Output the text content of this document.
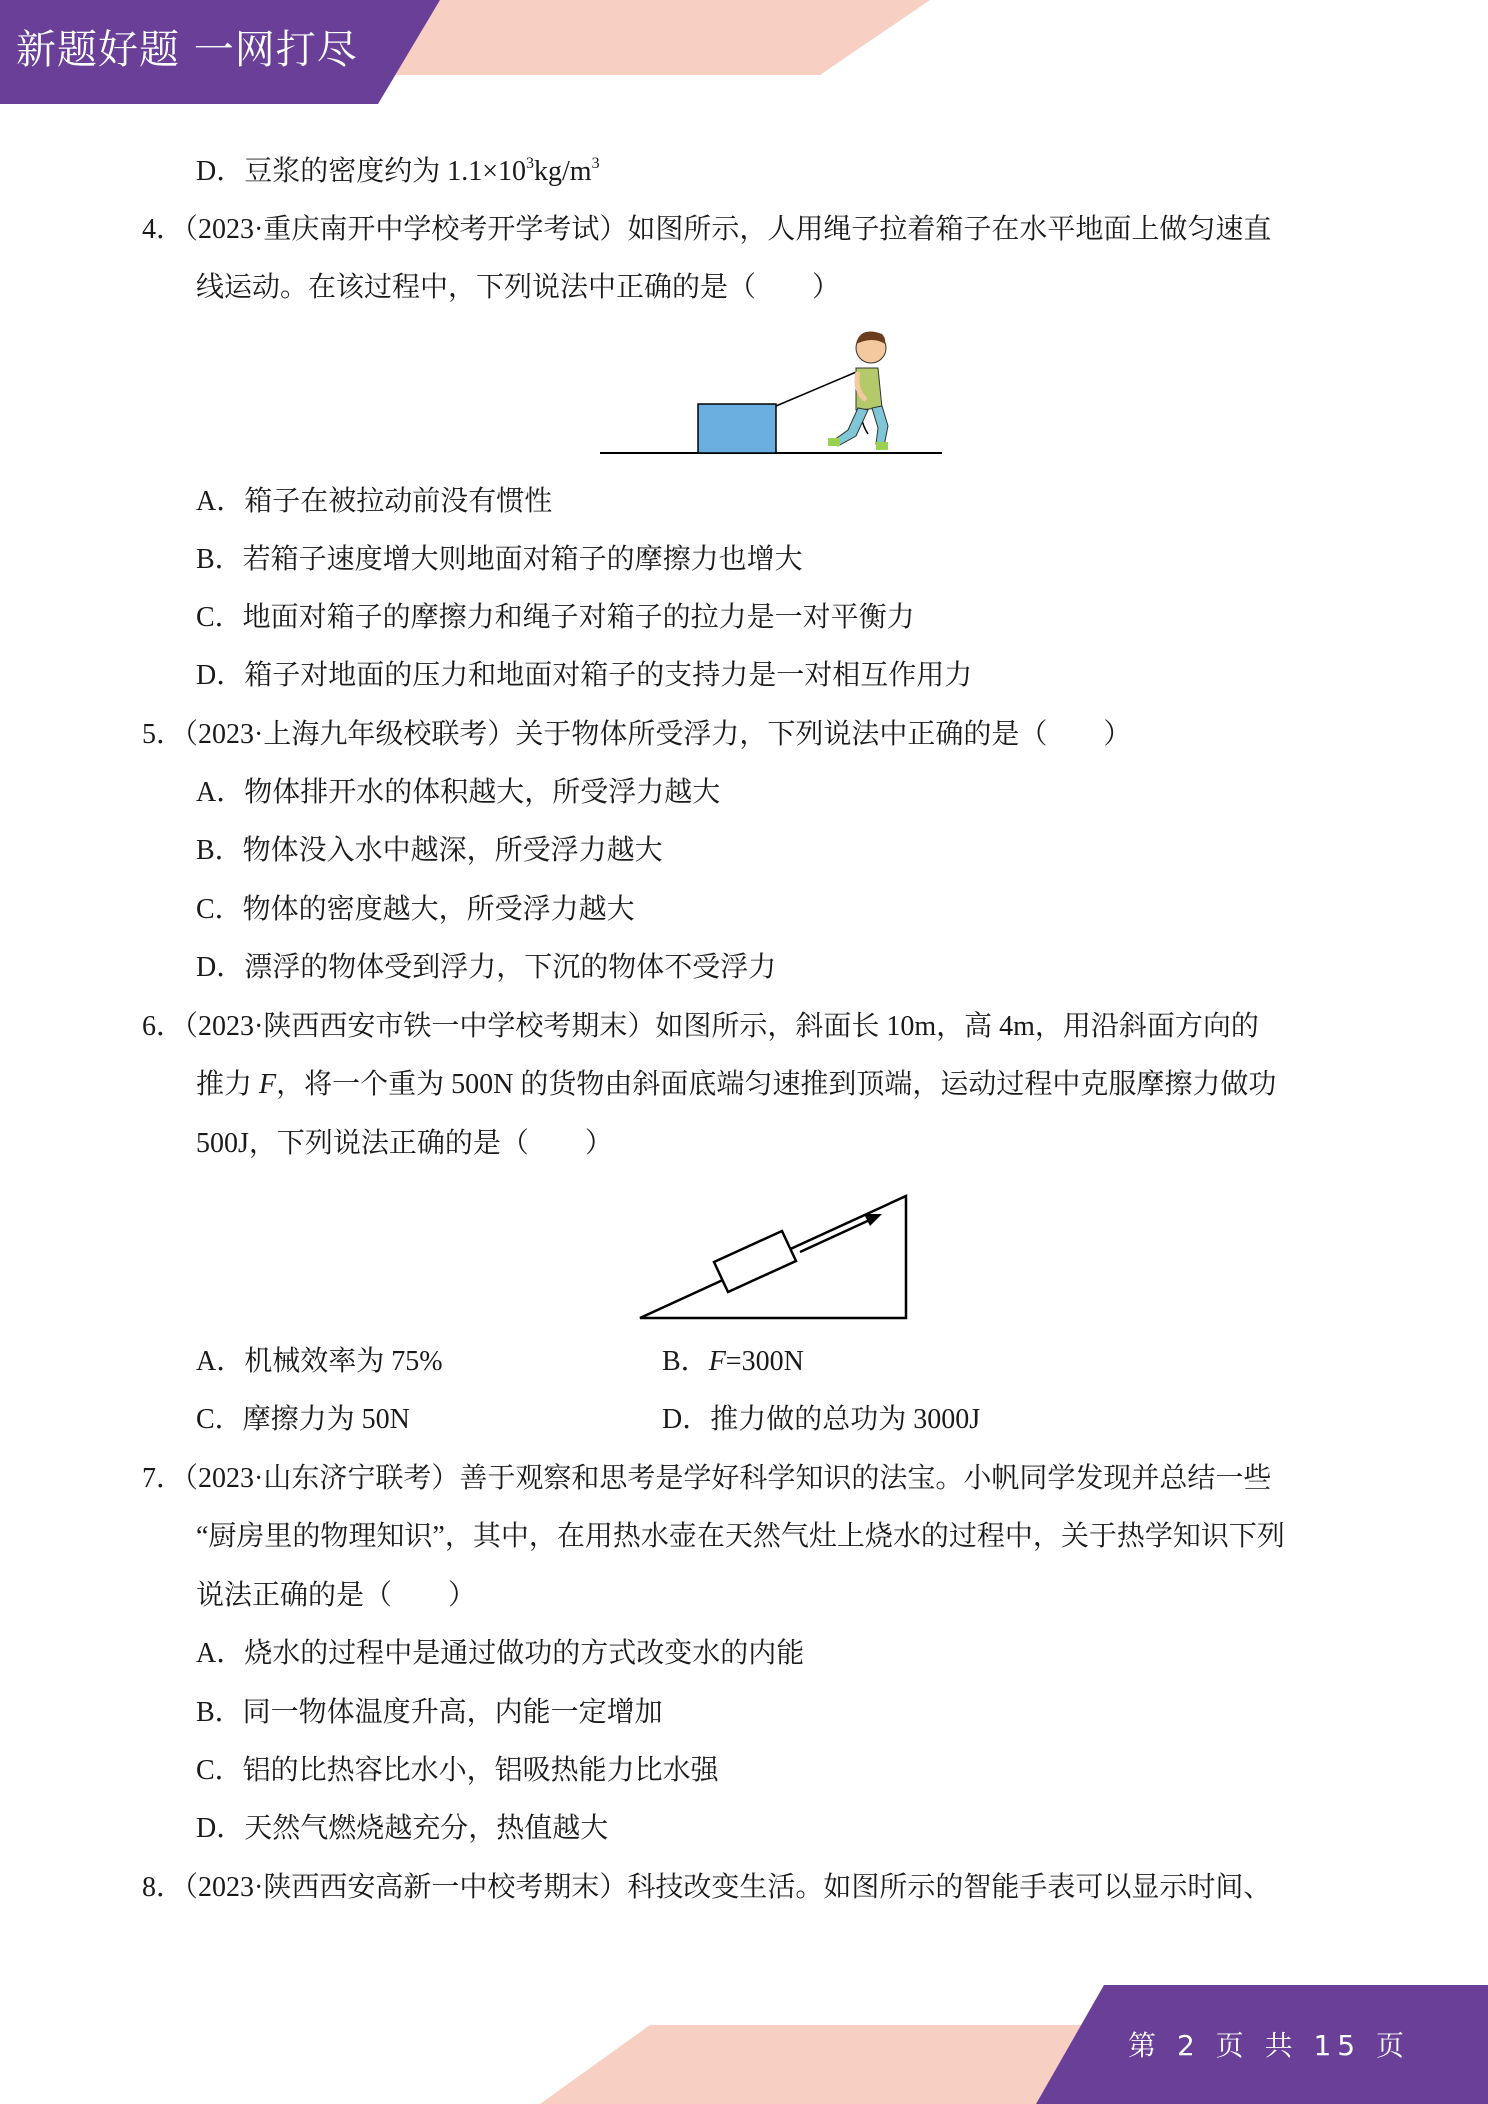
新题好题 一网打尽
D．豆浆的密度约为 $1.1\times 10^3kg/m^3$
4．（2023·重庆南开中学校考开学考试）如图所示，人用绳子拉着箱子在水平地面上做匀速直
线运动。在该过程中，下列说法中正确的是（　　）
A．箱子在被拉动前没有惯性
B．若箱子速度增大则地面对箱子的摩擦力也增大
C．地面对箱子的摩擦力和绳子对箱子的拉力是一对平衡力
D．箱子对地面的压力和地面对箱子的支持力是一对相互作用力
5．（2023·上海九年级校联考）关于物体所受浮力，下列说法中正确的是（　　）
A．物体排开水的体积越大，所受浮力越大
B．物体没入水中越深，所受浮力越大
C．物体的密度越大，所受浮力越大
D．漂浮的物体受到浮力，下沉的物体不受浮力
6．（2023·陕西西安市铁一中学校考期末）如图所示，斜面长 10m，高 4m，用沿斜面方向的
推力 F，将一个重为 500N 的货物由斜面底端匀速推到顶端，运动过程中克服摩擦力做功
500J，下列说法正确的是（　　）
A．机械效率为 75%	B．F=300N
C．摩擦力为 50N	D．推力做的总功为 3000J
7．（2023·山东济宁联考）善于观察和思考是学好科学知识的法宝。小帆同学发现并总结一些
“厨房里的物理知识”，其中，在用热水壶在天然气灶上烧水的过程中，关于热学知识下列
说法正确的是（　　）
A．烧水的过程中是通过做功的方式改变水的内能
B．同一物体温度升高，内能一定增加
C．铝的比热容比水小，铝吸热能力比水强
D．天然气燃烧越充分，热值越大
8．（2023·陕西西安高新一中校考期末）科技改变生活。如图所示的智能手表可以显示时间、
第 2 页 共 15 页
